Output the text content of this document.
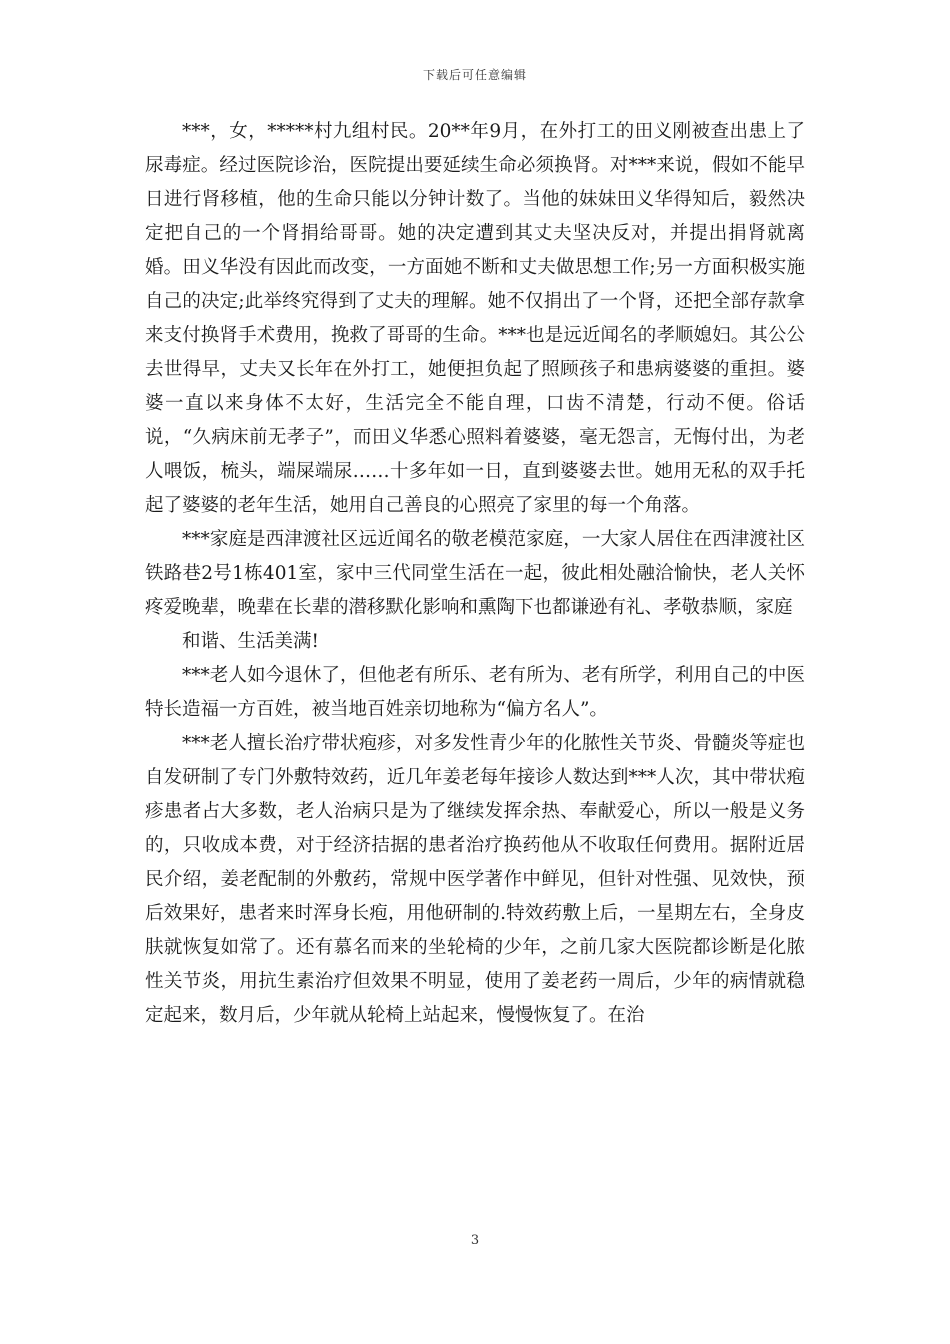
下载后可任意编辑

***，女，*****村九组村民。20**年9月，在外打工的田义刚被查出患上了尿毒症。经过医院诊治，医院提出要延续生命必须换肾。对***来说，假如不能早日进行肾移植，他的生命只能以分钟计数了。当他的妹妹田义华得知后，毅然决定把自己的一个肾捐给哥哥。她的决定遭到其丈夫坚决反对，并提出捐肾就离婚。田义华没有因此而改变，一方面她不断和丈夫做思想工作;另一方面积极实施自己的决定;此举终究得到了丈夫的理解。她不仅捐出了一个肾，还把全部存款拿来支付换肾手术费用，挽救了哥哥的生命。***也是远近闻名的孝顺媳妇。其公公去世得早，丈夫又长年在外打工，她便担负起了照顾孩子和患病婆婆的重担。婆婆一直以来身体不太好，生活完全不能自理，口齿不清楚，行动不便。俗话说，“久病床前无孝子”，而田义华悉心照料着婆婆，毫无怨言，无悔付出，为老人喂饭，梳头，端屎端尿……十多年如一日，直到婆婆去世。她用无私的双手托起了婆婆的老年生活，她用自己善良的心照亮了家里的每一个角落。

***家庭是西津渡社区远近闻名的敬老模范家庭，一大家人居住在西津渡社区铁路巷2号1栋401室，家中三代同堂生活在一起，彼此相处融洽愉快，老人关怀疼爱晚辈，晚辈在长辈的潜移默化影响和熏陶下也都谦逊有礼、孝敬恭顺，家庭

和谐、生活美满!

***老人如今退休了，但他老有所乐、老有所为、老有所学，利用自己的中医特长造福一方百姓，被当地百姓亲切地称为“偏方名人”。

***老人擅长治疗带状疱疹，对多发性青少年的化脓性关节炎、骨髓炎等症也自发研制了专门外敷特效药，近几年姜老每年接诊人数达到***人次，其中带状疱疹患者占大多数，老人治病只是为了继续发挥余热、奉献爱心，所以一般是义务的，只收成本费，对于经济拮据的患者治疗换药他从不收取任何费用。据附近居民介绍，姜老配制的外敷药，常规中医学著作中鲜见，但针对性强、见效快，预后效果好，患者来时浑身长疱，用他研制的.特效药敷上后，一星期左右，全身皮肤就恢复如常了。还有慕名而来的坐轮椅的少年，之前几家大医院都诊断是化脓性关节炎，用抗生素治疗但效果不明显，使用了姜老药一周后，少年的病情就稳定起来，数月后，少年就从轮椅上站起来，慢慢恢复了。在治

3
